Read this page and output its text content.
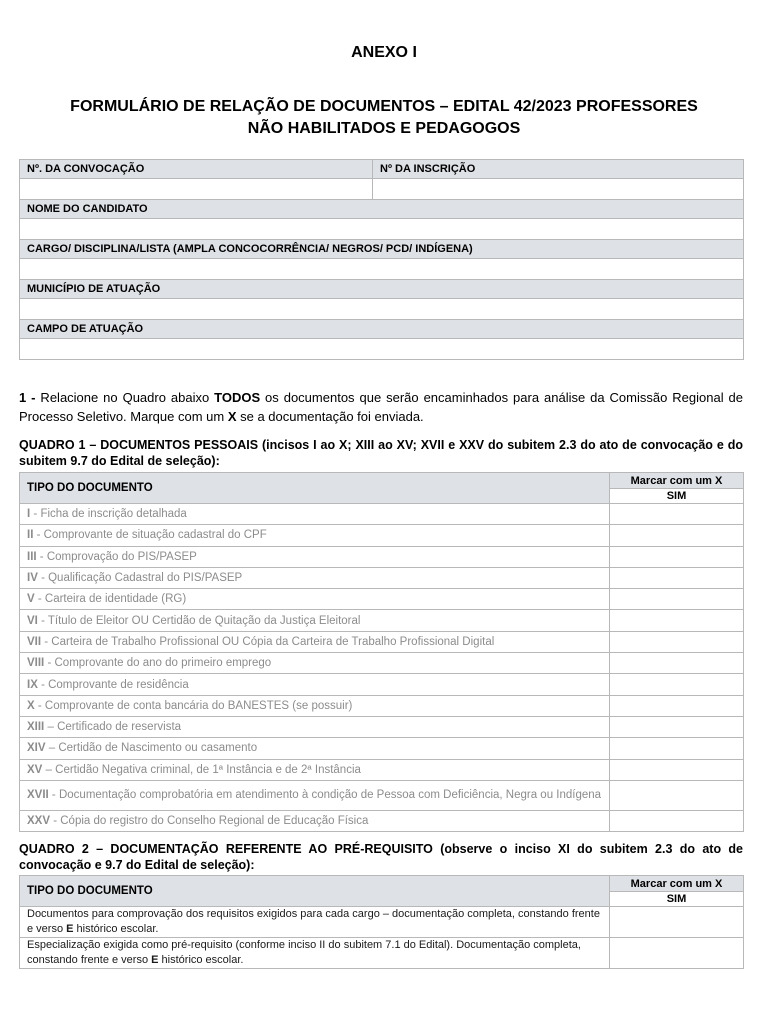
ANEXO I
FORMULÁRIO DE RELAÇÃO DE DOCUMENTOS – EDITAL 42/2023 PROFESSORES NÃO HABILITADOS E PEDAGOGOS
Nº. DA CONVOCAÇÃO	Nº DA INSCRIÇÃO

NOME DO CANDIDATO	

CARGO/ DISCIPLINA/LISTA (AMPLA CONCOCORRÊNCIA/ NEGROS/ PCD/ INDÍGENA)	

MUNICÍPIO DE ATUAÇÃO	

CAMPO DE ATUAÇÃO	

1 - Relacione no Quadro abaixo TODOS os documentos que serão encaminhados para análise da Comissão Regional de Processo Seletivo. Marque com um X se a documentação foi enviada.

QUADRO 1 – DOCUMENTOS PESSOAIS (incisos I ao X; XIII ao XV; XVII e XXV do subitem 2.3 do ato de convocação e do subitem 9.7 do Edital de seleção):
TIPO DO DOCUMENTO	Marcar com um X
	SIM
I - Ficha de inscrição detalhada	
II - Comprovante de situação cadastral do CPF	
III - Comprovação do PIS/PASEP	
IV - Qualificação Cadastral do PIS/PASEP	
V - Carteira de identidade (RG)	
VI - Título de Eleitor OU Certidão de Quitação da Justiça Eleitoral	
VII - Carteira de Trabalho Profissional OU Cópia da Carteira de Trabalho Profissional Digital	
VIII - Comprovante do ano do primeiro emprego	
IX - Comprovante de residência	
X - Comprovante de conta bancária do BANESTES (se possuir)	
XIII – Certificado de reservista	
XIV – Certidão de Nascimento ou casamento	
XV – Certidão Negativa criminal, de 1ª Instância e de 2ª Instância	
XVII - Documentação comprobatória em atendimento à condição de Pessoa com Deficiência, Negra ou Indígena	
XXV - Cópia do registro do Conselho Regional de Educação Física	
QUADRO 2 – DOCUMENTAÇÃO REFERENTE AO PRÉ-REQUISITO (observe o inciso XI do subitem 2.3 do ato de convocação e 9.7 do Edital de seleção):
TIPO DO DOCUMENTO	Marcar com um X
	SIM
Documentos para comprovação dos requisitos exigidos para cada cargo – documentação completa, constando frente e verso E histórico escolar.	
Especialização exigida como pré-requisito (conforme inciso II do subitem 7.1 do Edital). Documentação completa, constando frente e verso E histórico escolar.	
